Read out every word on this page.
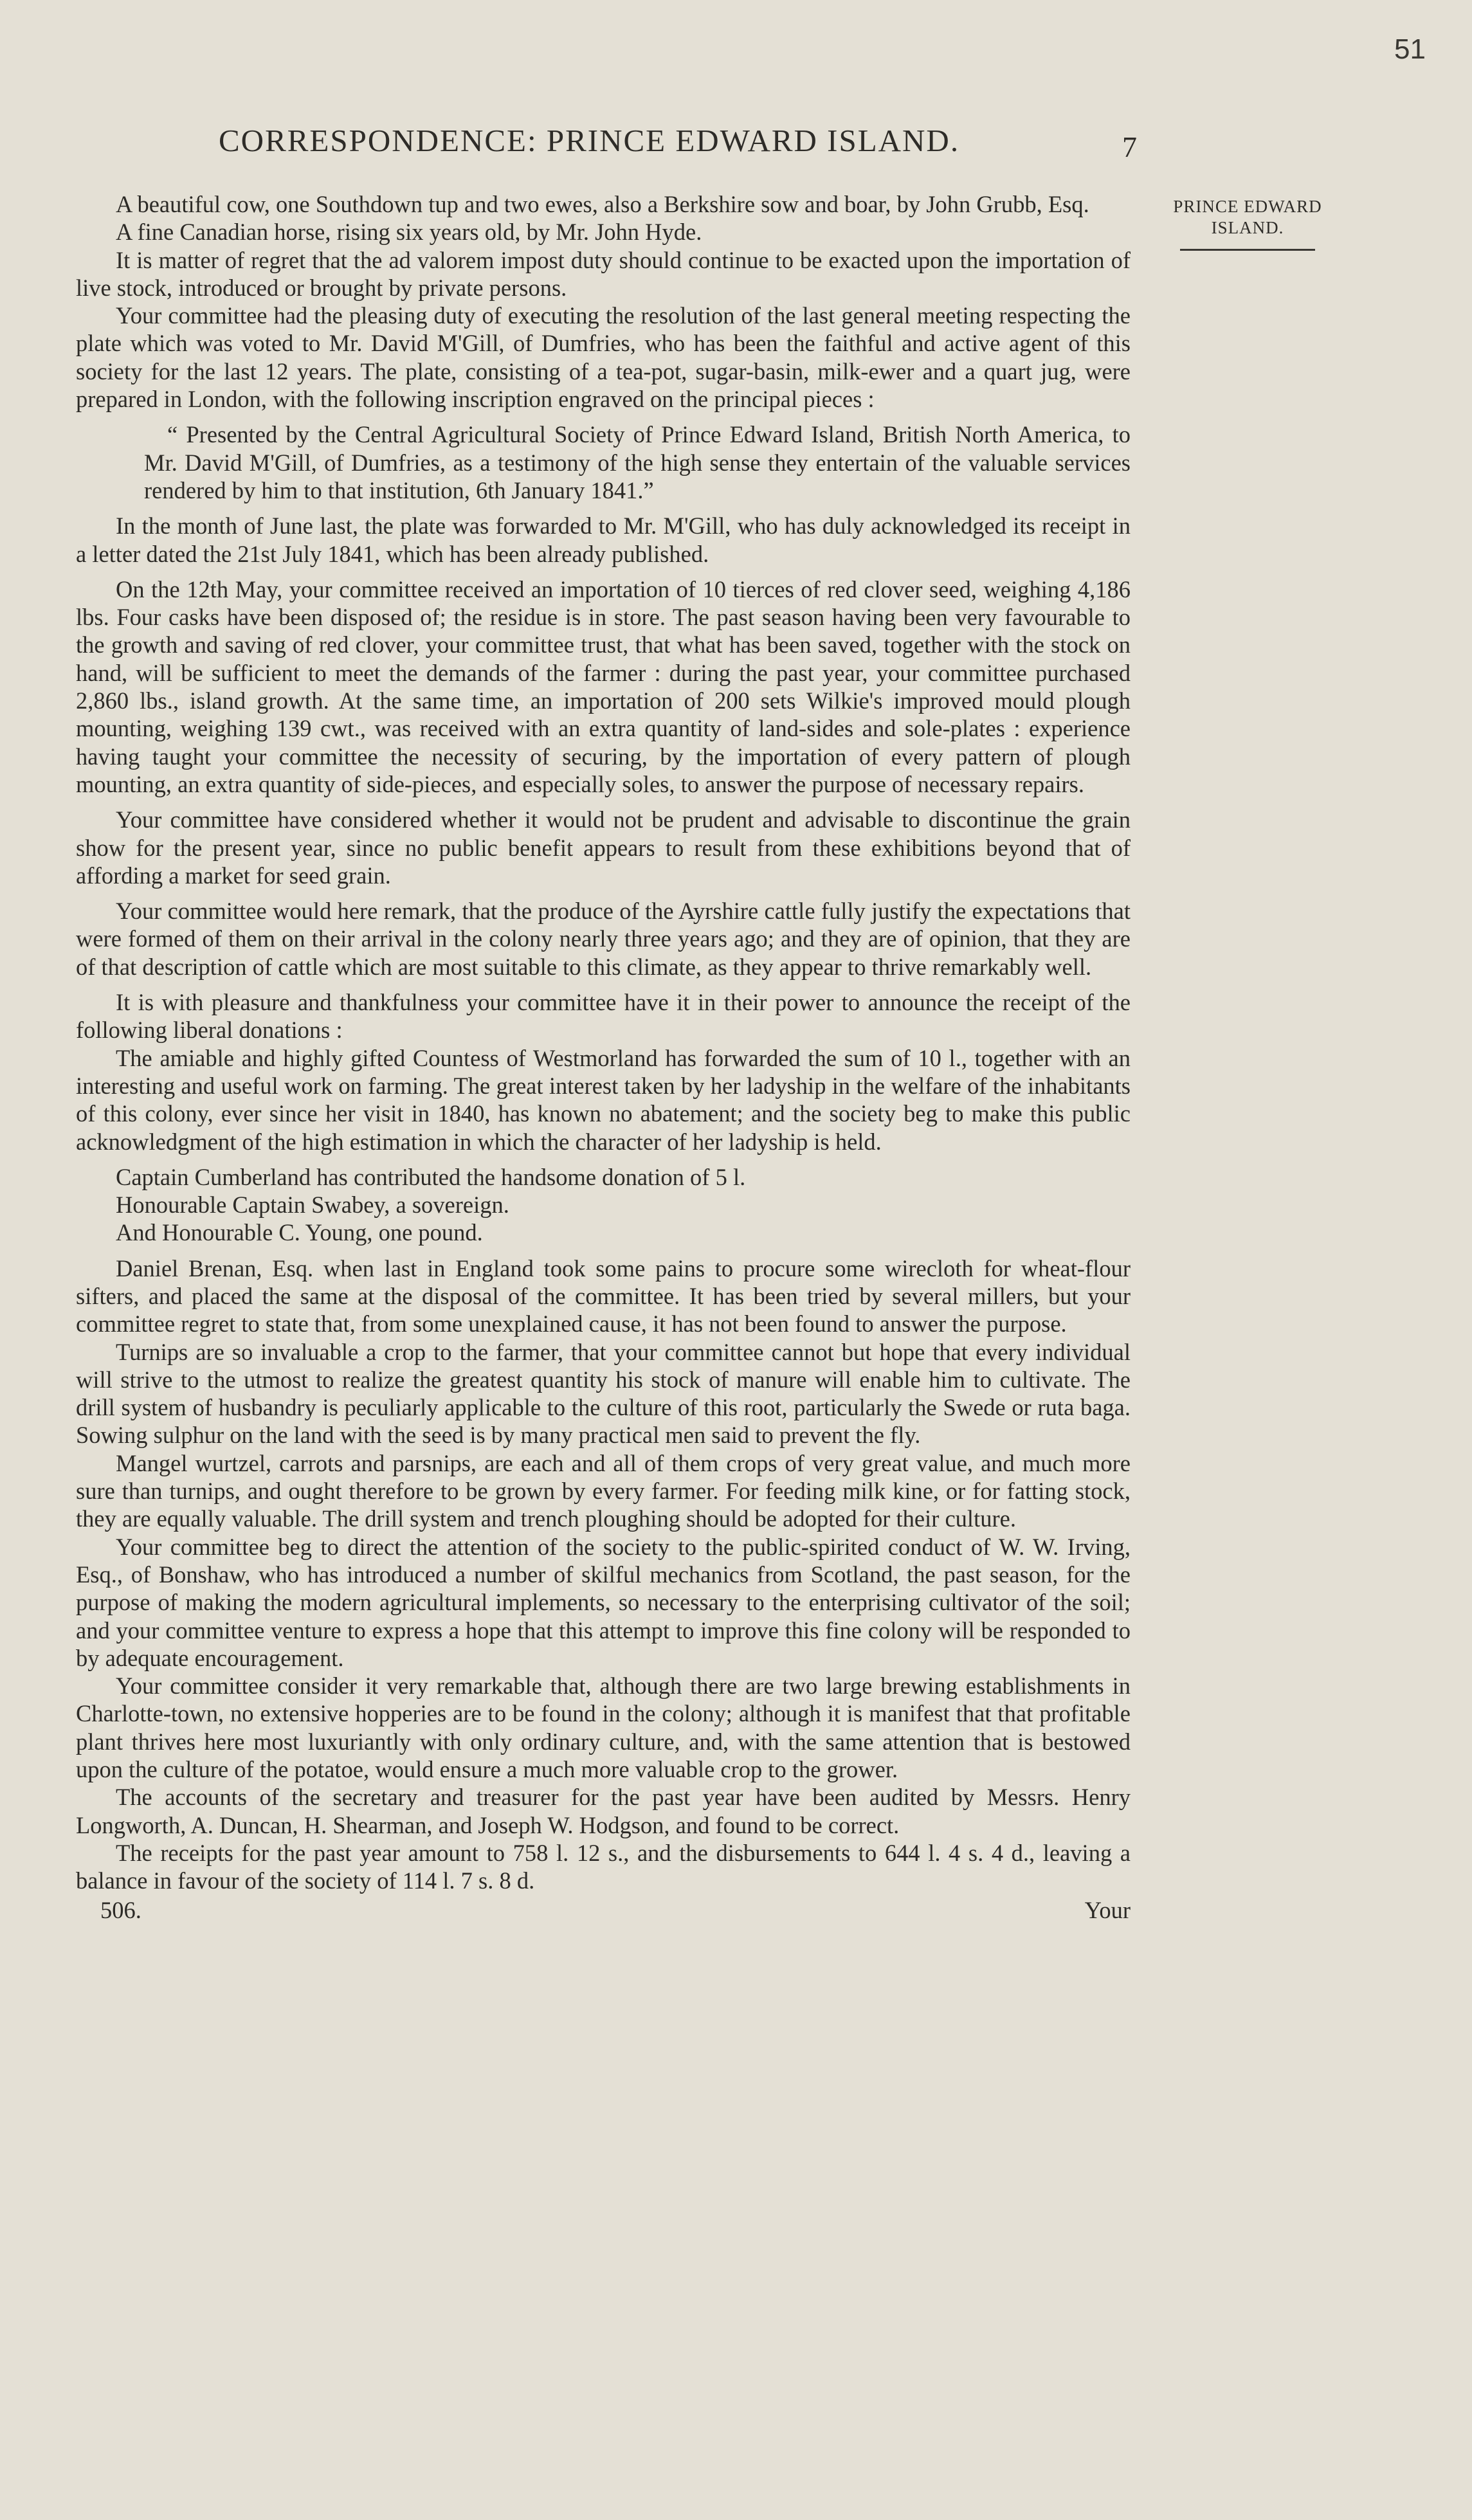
51
CORRESPONDENCE: PRINCE EDWARD ISLAND.	7
PRINCE EDWARD
ISLAND.

A beautiful cow, one Southdown tup and two ewes, also a Berkshire sow and boar, by John Grubb, Esq.

A fine Canadian horse, rising six years old, by Mr. John Hyde.

It is matter of regret that the ad valorem impost duty should continue to be exacted upon the importation of live stock, introduced or brought by private persons.

Your committee had the pleasing duty of executing the resolution of the last general meeting respecting the plate which was voted to Mr. David M'Gill, of Dumfries, who has been the faithful and active agent of this society for the last 12 years. The plate, consisting of a tea-pot, sugar-basin, milk-ewer and a quart jug, were prepared in London, with the following inscription engraved on the principal pieces :

“ Presented by the Central Agricultural Society of Prince Edward Island, British North America, to Mr. David M'Gill, of Dumfries, as a testimony of the high sense they entertain of the valuable services rendered by him to that institution, 6th January 1841.”

In the month of June last, the plate was forwarded to Mr. M'Gill, who has duly acknowledged its receipt in a letter dated the 21st July 1841, which has been already published.

On the 12th May, your committee received an importation of 10 tierces of red clover seed, weighing 4,186 lbs. Four casks have been disposed of; the residue is in store. The past season having been very favourable to the growth and saving of red clover, your committee trust, that what has been saved, together with the stock on hand, will be sufficient to meet the demands of the farmer : during the past year, your committee purchased 2,860 lbs., island growth. At the same time, an importation of 200 sets Wilkie's improved mould plough mounting, weighing 139 cwt., was received with an extra quantity of land-sides and sole-plates : experience having taught your committee the necessity of securing, by the importation of every pattern of plough mounting, an extra quantity of side-pieces, and especially soles, to answer the purpose of necessary repairs.

Your committee have considered whether it would not be prudent and advisable to discontinue the grain show for the present year, since no public benefit appears to result from these exhibitions beyond that of affording a market for seed grain.

Your committee would here remark, that the produce of the Ayrshire cattle fully justify the expectations that were formed of them on their arrival in the colony nearly three years ago; and they are of opinion, that they are of that description of cattle which are most suitable to this climate, as they appear to thrive remarkably well.

It is with pleasure and thankfulness your committee have it in their power to announce the receipt of the following liberal donations :

The amiable and highly gifted Countess of Westmorland has forwarded the sum of 10 l., together with an interesting and useful work on farming. The great interest taken by her ladyship in the welfare of the inhabitants of this colony, ever since her visit in 1840, has known no abatement; and the society beg to make this public acknowledgment of the high estimation in which the character of her ladyship is held.

Captain Cumberland has contributed the handsome donation of 5 l.

Honourable Captain Swabey, a sovereign.

And Honourable C. Young, one pound.

Daniel Brenan, Esq. when last in England took some pains to procure some wirecloth for wheat-flour sifters, and placed the same at the disposal of the committee. It has been tried by several millers, but your committee regret to state that, from some unexplained cause, it has not been found to answer the purpose.

Turnips are so invaluable a crop to the farmer, that your committee cannot but hope that every individual will strive to the utmost to realize the greatest quantity his stock of manure will enable him to cultivate. The drill system of husbandry is peculiarly applicable to the culture of this root, particularly the Swede or ruta baga. Sowing sulphur on the land with the seed is by many practical men said to prevent the fly.

Mangel wurtzel, carrots and parsnips, are each and all of them crops of very great value, and much more sure than turnips, and ought therefore to be grown by every farmer. For feeding milk kine, or for fatting stock, they are equally valuable. The drill system and trench ploughing should be adopted for their culture.

Your committee beg to direct the attention of the society to the public-spirited conduct of W. W. Irving, Esq., of Bonshaw, who has introduced a number of skilful mechanics from Scotland, the past season, for the purpose of making the modern agricultural implements, so necessary to the enterprising cultivator of the soil; and your committee venture to express a hope that this attempt to improve this fine colony will be responded to by adequate encouragement.

Your committee consider it very remarkable that, although there are two large brewing establishments in Charlotte-town, no extensive hopperies are to be found in the colony; although it is manifest that that profitable plant thrives here most luxuriantly with only ordinary culture, and, with the same attention that is bestowed upon the culture of the potatoe, would ensure a much more valuable crop to the grower.

The accounts of the secretary and treasurer for the past year have been audited by Messrs. Henry Longworth, A. Duncan, H. Shearman, and Joseph W. Hodgson, and found to be correct.

The receipts for the past year amount to 758 l. 12 s., and the disbursements to 644 l. 4 s. 4 d., leaving a balance in favour of the society of 114 l. 7 s. 8 d.

506.	Your
